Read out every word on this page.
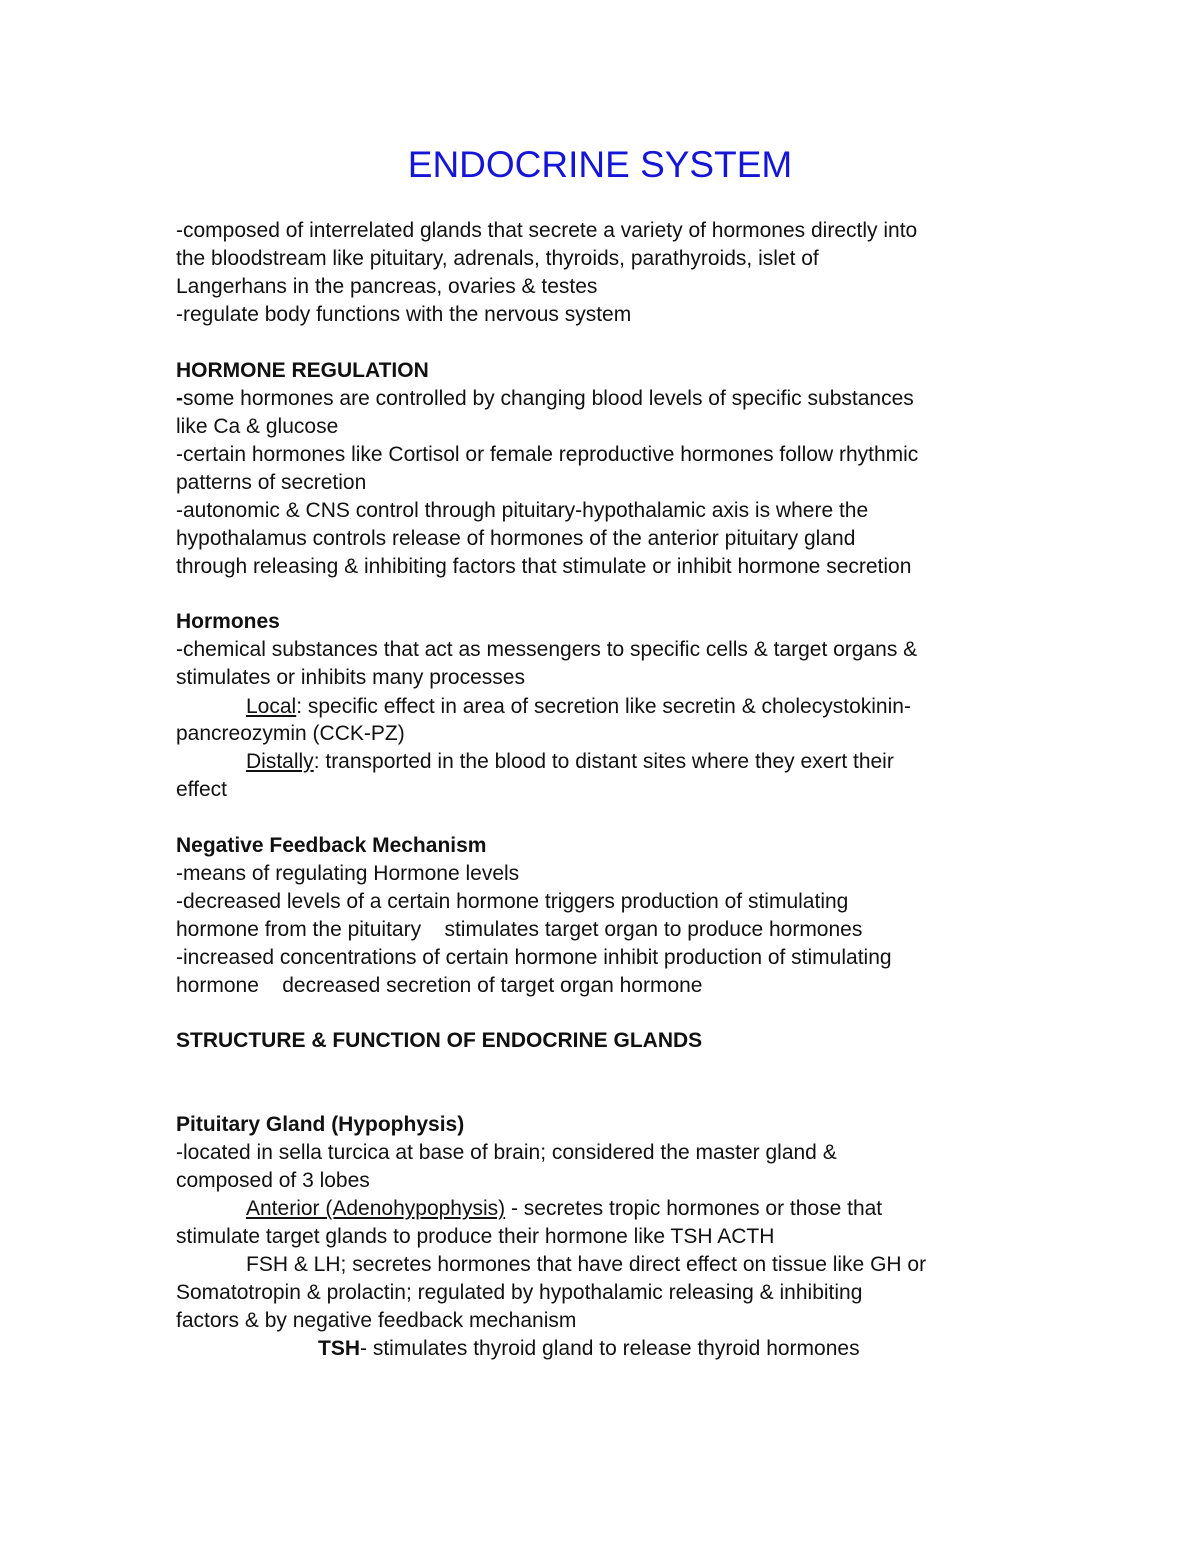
ENDOCRINE SYSTEM
-composed of interrelated glands that secrete a variety of hormones directly into
the bloodstream like pituitary, adrenals, thyroids, parathyroids, islet of
Langerhans in the pancreas, ovaries & testes
-regulate body functions with the nervous system
HORMONE REGULATION
-some hormones are controlled by changing blood levels of specific substances
like Ca & glucose
-certain hormones like Cortisol or female reproductive hormones follow rhythmic
patterns of secretion
-autonomic & CNS control through pituitary-hypothalamic axis is where the
hypothalamus controls release of hormones of the anterior pituitary gland
through releasing & inhibiting factors that stimulate or inhibit hormone secretion
Hormones
-chemical substances that act as messengers to specific cells & target organs &
stimulates or inhibits many processes
Local: specific effect in area of secretion like secretin & cholecystokinin-
pancreozymin (CCK-PZ)
Distally: transported in the blood to distant sites where they exert their
effect
Negative Feedback Mechanism
-means of regulating Hormone levels
-decreased levels of a certain hormone triggers production of stimulating
hormone from the pituitary    stimulates target organ to produce hormones
-increased concentrations of certain hormone inhibit production of stimulating
hormone    decreased secretion of target organ hormone
STRUCTURE & FUNCTION OF ENDOCRINE GLANDS
Pituitary Gland (Hypophysis)
-located in sella turcica at base of brain; considered the master gland &
composed of 3 lobes
Anterior (Adenohypophysis) - secretes tropic hormones or those that
stimulate target glands to produce their hormone like TSH ACTH
FSH & LH; secretes hormones that have direct effect on tissue like GH or
Somatotropin & prolactin; regulated by hypothalamic releasing & inhibiting
factors & by negative feedback mechanism
TSH- stimulates thyroid gland to release thyroid hormones
